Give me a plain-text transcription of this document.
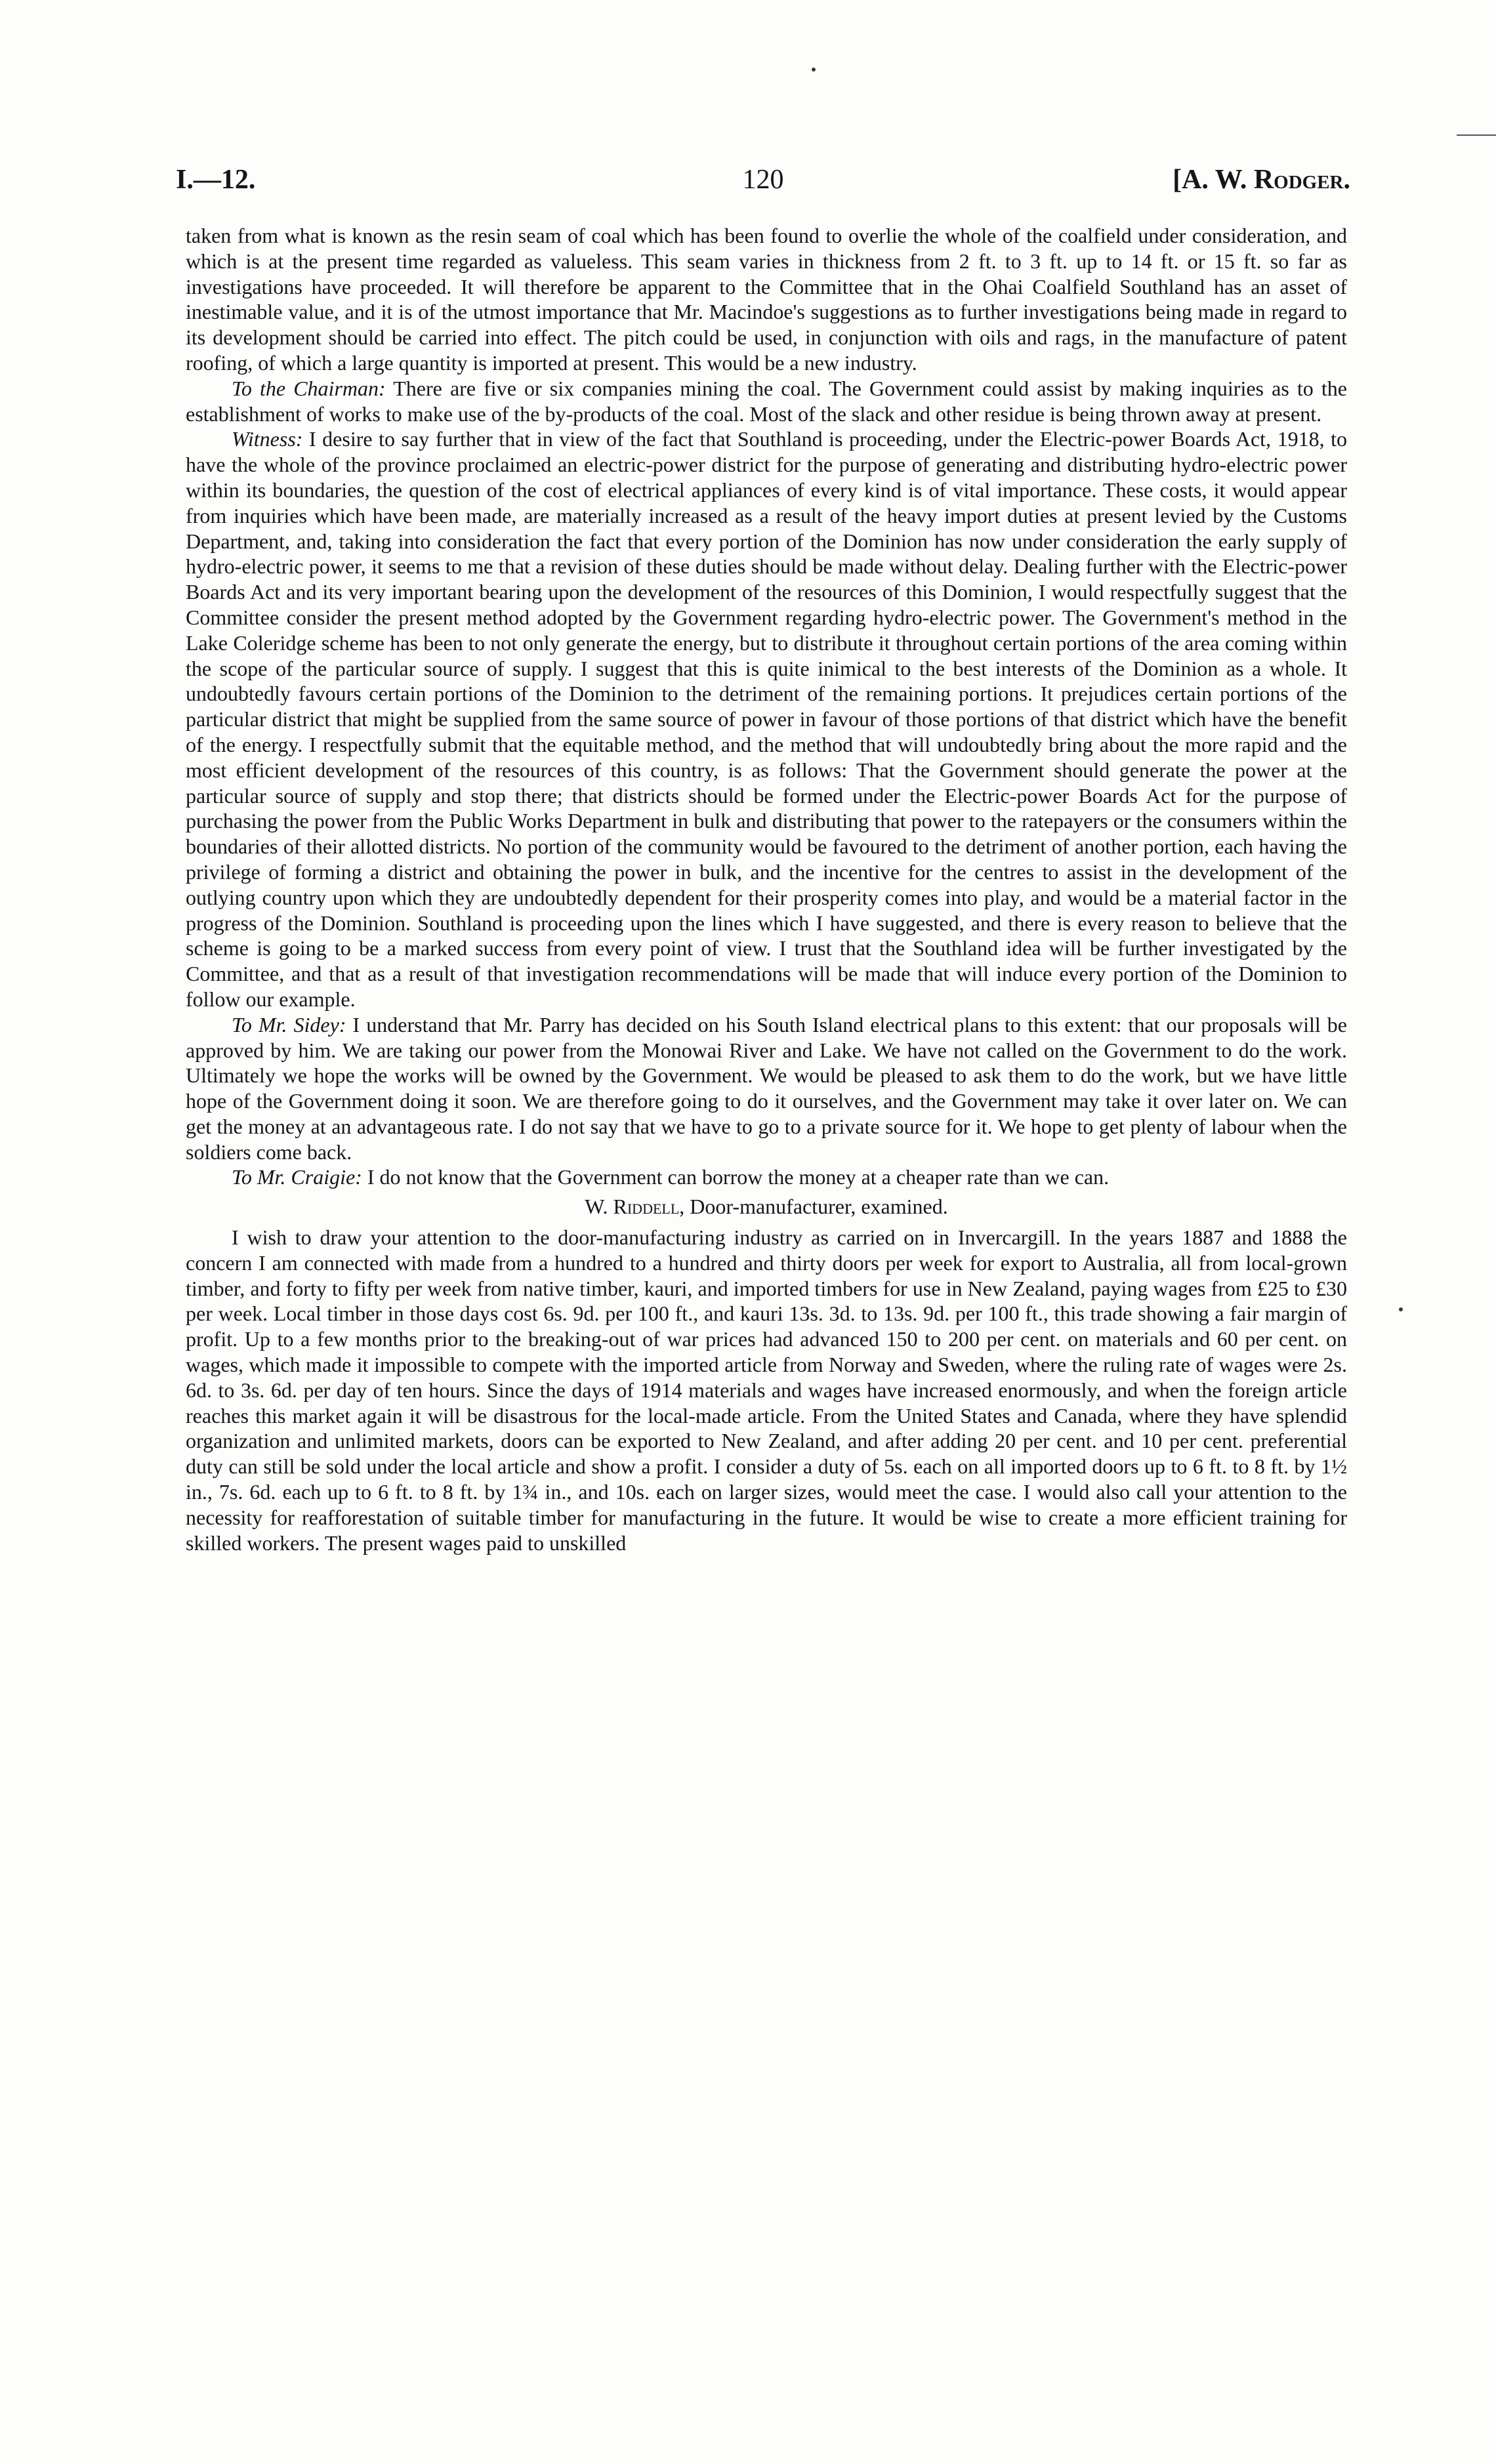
I.—12.	120	[A. W. Rodger.

taken from what is known as the resin seam of coal which has been found to overlie the whole of the coalfield under consideration, and which is at the present time regarded as valueless. This seam varies in thickness from 2 ft. to 3 ft. up to 14 ft. or 15 ft. so far as investigations have proceeded. It will therefore be apparent to the Committee that in the Ohai Coalfield Southland has an asset of inestimable value, and it is of the utmost importance that Mr. Macindoe's suggestions as to further investigations being made in regard to its development should be carried into effect. The pitch could be used, in conjunction with oils and rags, in the manufacture of patent roofing, of which a large quantity is imported at present. This would be a new industry.

To the Chairman: There are five or six companies mining the coal. The Government could assist by making inquiries as to the establishment of works to make use of the by-products of the coal. Most of the slack and other residue is being thrown away at present.

Witness: I desire to say further that in view of the fact that Southland is proceeding, under the Electric-power Boards Act, 1918, to have the whole of the province proclaimed an electric-power district for the purpose of generating and distributing hydro-electric power within its boundaries, the question of the cost of electrical appliances of every kind is of vital importance. These costs, it would appear from inquiries which have been made, are materially increased as a result of the heavy import duties at present levied by the Customs Department, and, taking into consideration the fact that every portion of the Dominion has now under consideration the early supply of hydro-electric power, it seems to me that a revision of these duties should be made without delay. Dealing further with the Electric-power Boards Act and its very important bearing upon the development of the resources of this Dominion, I would respectfully suggest that the Committee consider the present method adopted by the Government regarding hydro-electric power. The Government's method in the Lake Coleridge scheme has been to not only generate the energy, but to distribute it throughout certain portions of the area coming within the scope of the particular source of supply. I suggest that this is quite inimical to the best interests of the Dominion as a whole. It undoubtedly favours certain portions of the Dominion to the detriment of the remaining portions. It prejudices certain portions of the particular district that might be supplied from the same source of power in favour of those portions of that district which have the benefit of the energy. I respectfully submit that the equitable method, and the method that will undoubtedly bring about the more rapid and the most efficient development of the resources of this country, is as follows: That the Government should generate the power at the particular source of supply and stop there; that districts should be formed under the Electric-power Boards Act for the purpose of purchasing the power from the Public Works Department in bulk and distributing that power to the ratepayers or the consumers within the boundaries of their allotted districts. No portion of the community would be favoured to the detriment of another portion, each having the privilege of forming a district and obtaining the power in bulk, and the incentive for the centres to assist in the development of the outlying country upon which they are undoubtedly dependent for their prosperity comes into play, and would be a material factor in the progress of the Dominion. Southland is proceeding upon the lines which I have suggested, and there is every reason to believe that the scheme is going to be a marked success from every point of view. I trust that the Southland idea will be further investigated by the Committee, and that as a result of that investigation recommendations will be made that will induce every portion of the Dominion to follow our example.

To Mr. Sidey: I understand that Mr. Parry has decided on his South Island electrical plans to this extent: that our proposals will be approved by him. We are taking our power from the Monowai River and Lake. We have not called on the Government to do the work. Ultimately we hope the works will be owned by the Government. We would be pleased to ask them to do the work, but we have little hope of the Government doing it soon. We are therefore going to do it ourselves, and the Government may take it over later on. We can get the money at an advantageous rate. I do not say that we have to go to a private source for it. We hope to get plenty of labour when the soldiers come back.

To Mr. Craigie: I do not know that the Government can borrow the money at a cheaper rate than we can.

W. Riddell, Door-manufacturer, examined.

I wish to draw your attention to the door-manufacturing industry as carried on in Invercargill. In the years 1887 and 1888 the concern I am connected with made from a hundred to a hundred and thirty doors per week for export to Australia, all from local-grown timber, and forty to fifty per week from native timber, kauri, and imported timbers for use in New Zealand, paying wages from £25 to £30 per week. Local timber in those days cost 6s. 9d. per 100 ft., and kauri 13s. 3d. to 13s. 9d. per 100 ft., this trade showing a fair margin of profit. Up to a few months prior to the breaking-out of war prices had advanced 150 to 200 per cent. on materials and 60 per cent. on wages, which made it impossible to compete with the imported article from Norway and Sweden, where the ruling rate of wages were 2s. 6d. to 3s. 6d. per day of ten hours. Since the days of 1914 materials and wages have increased enormously, and when the foreign article reaches this market again it will be disastrous for the local-made article. From the United States and Canada, where they have splendid organization and unlimited markets, doors can be exported to New Zealand, and after adding 20 per cent. and 10 per cent. preferential duty can still be sold under the local article and show a profit. I consider a duty of 5s. each on all imported doors up to 6 ft. to 8 ft. by 1½ in., 7s. 6d. each up to 6 ft. to 8 ft. by 1¾ in., and 10s. each on larger sizes, would meet the case. I would also call your attention to the necessity for reafforestation of suitable timber for manufacturing in the future. It would be wise to create a more efficient training for skilled workers. The present wages paid to unskilled
